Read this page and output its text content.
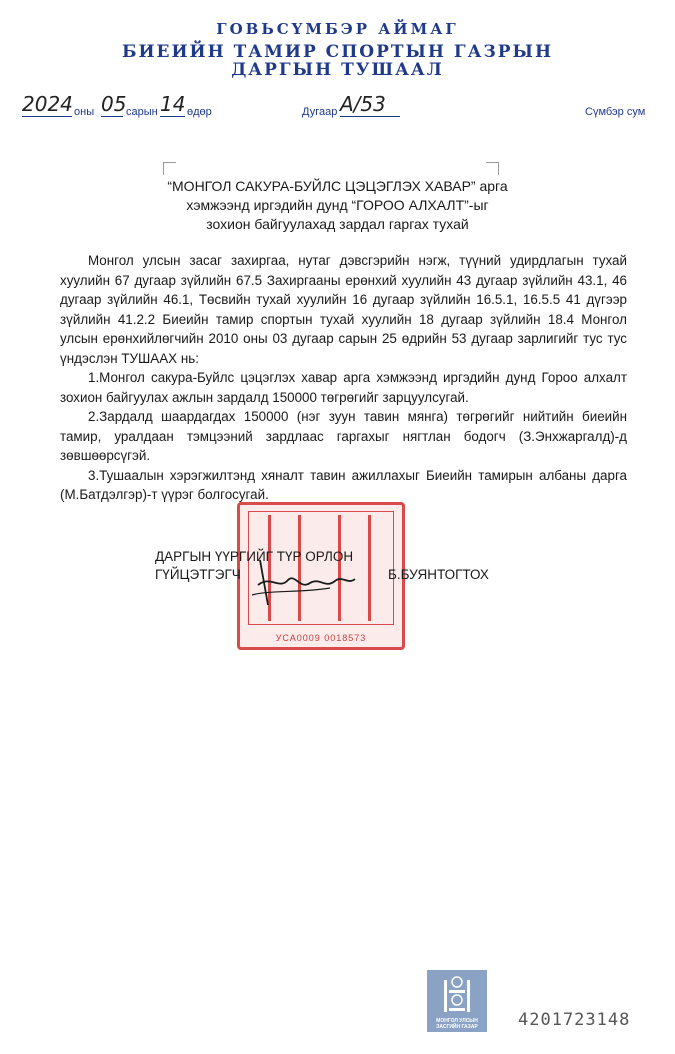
ГОВЬСҮМБЭР АЙМАГ
БИЕИЙН ТАМИР СПОРТЫН ГАЗРЫН
ДАРГЫН ТУШААЛ
2024 оны 05 сарын 14 өдөр	Дугаар А/53	Сүмбэр сум
“МОНГОЛ САКУРА-БУЙЛС ЦЭЦЭГЛЭХ ХАВАР” арга
хэмжээнд иргэдийн дунд “ГОРОО АЛХАЛТ”-ыг
зохион байгуулахад зардал гаргах тухай

Монгол улсын засаг захиргаа, нутаг дэвсгэрийн нэгж, түүний удирдлагын тухай хуулийн 67 дугаар зүйлийн 67.5 Захиргааны ерөнхий хуулийн 43 дугаар зүйлийн 43.1, 46 дугаар зүйлийн 46.1, Төсвийн тухай хуулийн 16 дугаар зүйлийн 16.5.1, 16.5.5 41 дүгээр зүйлийн 41.2.2 Биеийн тамир спортын тухай хуулийн 18 дугаар зүйлийн 18.4 Монгол улсын ерөнхийлөгчийн 2010 оны 03 дугаар сарын 25 өдрийн 53 дугаар зарлигийг тус тус үндэслэн ТУШААХ нь:

1.Монгол сакура-Буйлс цэцэглэх хавар арга хэмжээнд иргэдийн дунд Горoo алхалт зохион байгуулах ажлын зардалд 150000 төгрөгийг зарцуулсугай.

2.Зардалд шаардагдах 150000 (нэг зуун тавин мянга) төгрөгийг нийтийн биеийн тамир, уралдаан тэмцээний зардлаас гаргахыг нягтлан бодогч (З.Энхжаргалд)-д зөвшөөрсүгэй.

3.Тушаалын хэрэгжилтэнд хяналт тавин ажиллахыг Биеийн тамирын албаны дарга (М.Батдэлгэр)-т үүрэг болгосугай.

УСА0009 0018573
ДАРГЫН ҮҮРГИЙГ ТҮР ОРЛОН
ГҮЙЦЭТГЭГЧ	Б.БУЯНТОГТОХ
МОНГОЛ УЛСЫН
ЗАСГИЙН ГАЗАР	4201723148
